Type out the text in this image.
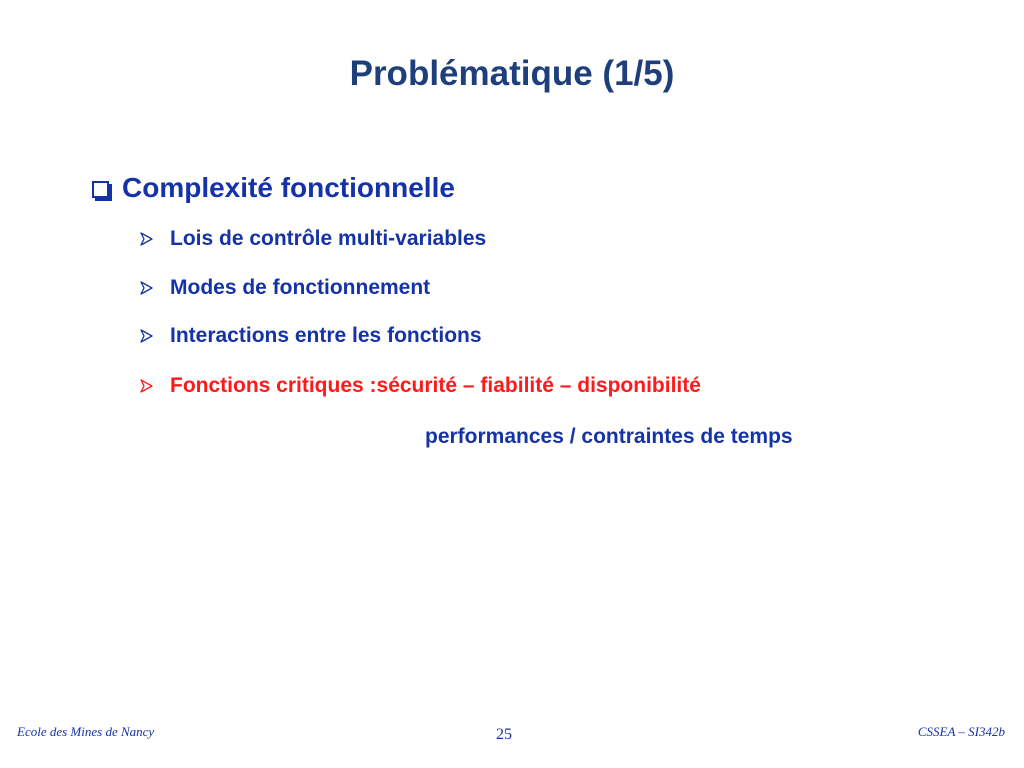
Problématique (1/5)
Complexité fonctionnelle
Lois de contrôle multi-variables
Modes de fonctionnement
Interactions entre les fonctions
Fonctions critiques :sécurité – fiabilité – disponibilité
performances / contraintes de temps
Ecole des Mines de Nancy	25	CSSEA – SI342b
